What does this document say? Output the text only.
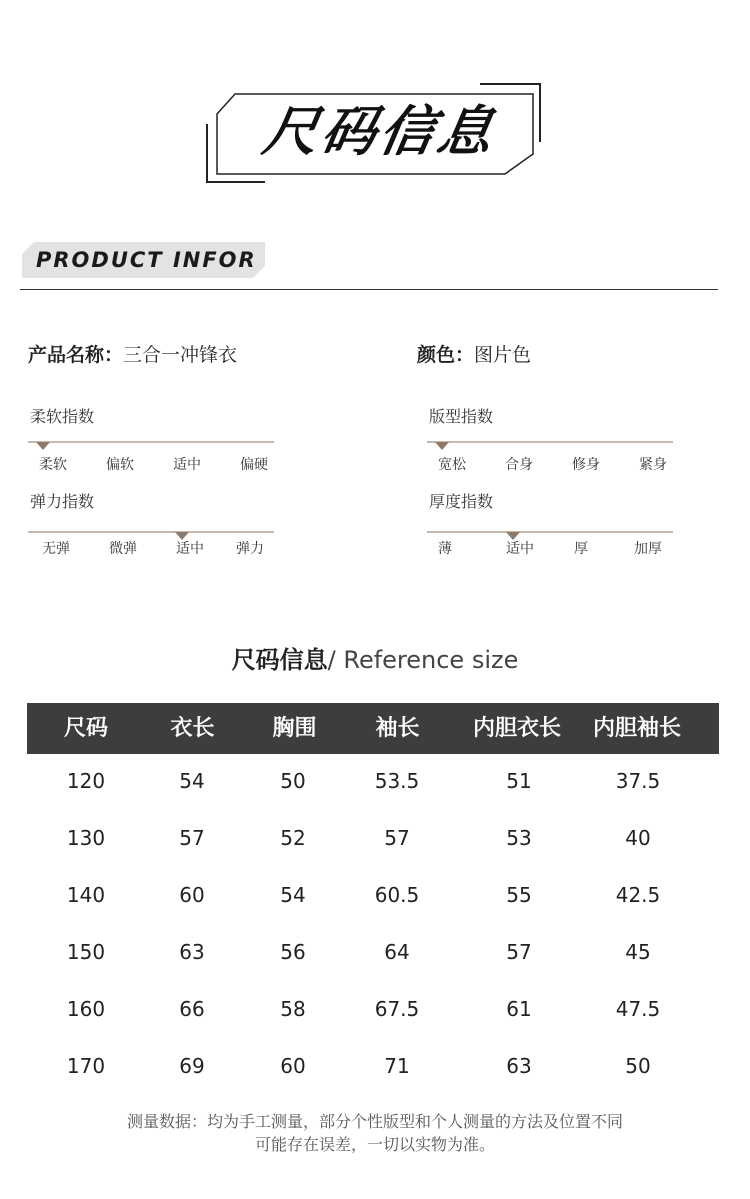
尺码信息
PRODUCT INFOR
产品名称：三合一冲锋衣	颜色：图片色
柔软指数
柔软	偏软	适中	偏硬
版型指数
宽松	合身	修身	紧身
弹力指数
无弹	微弹	适中	弹力
厚度指数
薄	适中	厚	加厚
尺码信息/ Reference size
尺码	衣长	胸围	袖长	内胆衣长	内胆袖长
120	54	50	53.5	51	37.5
130	57	52	57	53	40
140	60	54	60.5	55	42.5
150	63	56	64	57	45
160	66	58	67.5	61	47.5
170	69	60	71	63	50
测量数据：均为手工测量，部分个性版型和个人测量的方法及位置不同
可能存在误差，一切以实物为准。
